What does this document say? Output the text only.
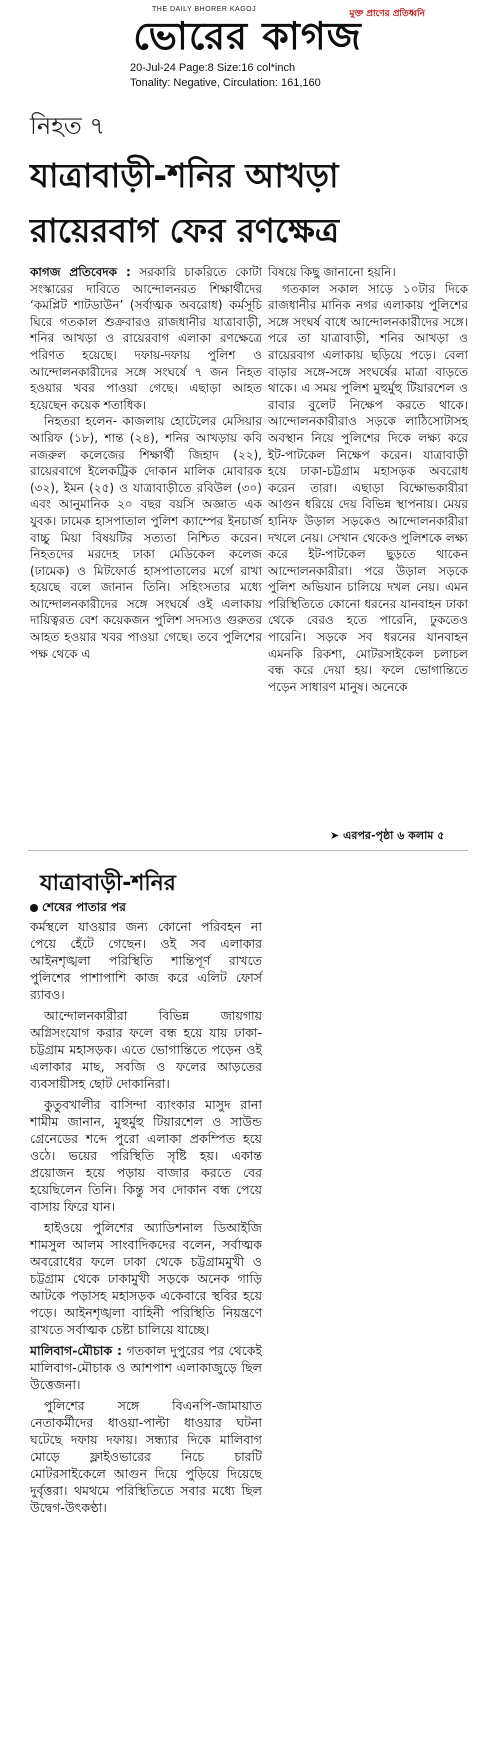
THE DAILY BHORER KAGOJ	মুক্ত প্রাণের প্রতিধ্বনি
ভোরের কাগজ
20-Jul-24 Page:8 Size:16 col*inch
Tonality: Negative, Circulation: 161,160
নিহত ৭
যাত্রাবাড়ী-শনির আখড়া
রায়েরবাগ ফের রণক্ষেত্র

কাগজ প্রতিবেদক : সরকারি চাকরিতে কোটা সংস্কারের দাবিতে আন্দোলনরত শিক্ষার্থীদের ‘কমপ্লিট শাটডাউন’ (সর্বাত্মক অবরোধ) কর্মসূচি ঘিরে গতকাল শুক্রবারও রাজধানীর যাত্রাবাড়ী, শনির আখড়া ও রায়েরবাগ এলাকা রণক্ষেত্রে পরিণত হয়েছে। দফায়-দফায় পুলিশ ও আন্দোলনকারীদের সঙ্গে সংঘর্ষে ৭ জন নিহত হওয়ার খবর পাওয়া গেছে। এছাড়া আহত হয়েছেন কয়েক শতাধিক।

নিহতরা হলেন- কাজলায় হোটেলের মেসিয়ার আরিফ (১৮), শান্ত (২৪), শনির আখড়ায় কবি নজরুল কলেজের শিক্ষার্থী জিহাদ (২২), রায়েরবাগে ইলেকট্রিক দোকান মালিক মোবারক (৩২), ইমন (২৫) ও যাত্রাবাড়ীতে রবিউল (৩০) এবং আনুমানিক ২০ বছর বয়সি অজ্ঞাত এক যুবক। ঢামেক হাসপাতাল পুলিশ ক্যাম্পের ইনচার্জ বাচ্চু মিয়া বিষয়টির সত্যতা নিশ্চিত করেন। নিহতদের মরদেহ ঢাকা মেডিকেল কলেজ (ঢামেক) ও মিটফোর্ড হাসপাতালের মর্গে রাখা হয়েছে বলে জানান তিনি। সহিংসতার মধ্যে আন্দোলনকারীদের সঙ্গে সংঘর্ষে ওই এলাকায় দায়িত্বরত বেশ কয়েকজন পুলিশ সদস্যও গুরুতর আহত হওয়ার খবর পাওয়া গেছে। তবে পুলিশের পক্ষ থেকে এ

বিষয়ে কিছু জানানো হয়নি।

গতকাল সকাল সাড়ে ১০টার দিকে রাজধানীর মানিক নগর এলাকায় পুলিশের সঙ্গে সংঘর্ষ বাধে আন্দোলনকারীদের সঙ্গে। পরে তা যাত্রাবাড়ী, শনির আখড়া ও রায়েরবাগ এলাকায় ছড়িয়ে পড়ে। বেলা বাড়ার সঙ্গে-সঙ্গে সংঘর্ষের মাত্রা বাড়তে থাকে। এ সময় পুলিশ মুহুর্মুহু টিয়ারশেল ও রাবার বুলেট নিক্ষেপ করতে থাকে। আন্দোলনকারীরাও সড়কে লাঠিসোটাসহ অবস্থান নিয়ে পুলিশের দিকে লক্ষ্য করে ইট-পাটকেল নিক্ষেপ করেন। যাত্রাবাড়ী হয়ে ঢাকা-চট্টগ্রাম মহাসড়ক অবরোধ করেন তারা। এছাড়া বিক্ষোভকারীরা আগুন ধরিয়ে দেয় বিভিন্ন স্থাপনায়। মেয়র হানিফ উড়াল সড়কেও আন্দোলনকারীরা দখলে নেয়। সেখান থেকেও পুলিশকে লক্ষ্য করে ইট-পাটকেল ছুড়তে থাকেন আন্দোলনকারীরা। পরে উড়াল সড়কে পুলিশ অভিযান চালিয়ে দখল নেয়। এমন পরিস্থিতিতে কোনো ধরনের যানবাহন ঢাকা থেকে বেরও হতে পারেনি, ঢুকতেও পারেনি। সড়কে সব ধরনের যানবাহন এমনকি রিকশা, মোটরসাইকেল চলাচল বন্ধ করে দেয়া হয়। ফলে ভোগান্তিতে পড়েন সাধারণ মানুষ। অনেকে

➤ এরপর-পৃষ্ঠা ৬ কলাম ৫
যাত্রাবাড়ী-শনির
শেষের পাতার পর

কর্মস্থলে যাওয়ার জন্য কোনো পরিবহন না পেয়ে হেঁটে গেছেন। ওই সব এলাকার আইনশৃঙ্খলা পরিস্থিতি শান্তিপূর্ণ রাখতে পুলিশের পাশাপাশি কাজ করে এলিট ফোর্স র‌্যাবও।

আন্দোলনকারীরা বিভিন্ন জায়গায় অগ্নিসংযোগ করার ফলে বন্ধ হয়ে যায় ঢাকা-চট্টগ্রাম মহাসড়ক। এতে ভোগান্তিতে পড়েন ওই এলাকার মাছ, সবজি ও ফলের আড়তের ব্যবসায়ীসহ ছোট দোকানিরা।

কুতুবখালীর বাসিন্দা ব্যাংকার মাসুদ রানা শামীম জানান, মুহুর্মুহু টিয়ারশেল ও সাউন্ড গ্রেনেডের শব্দে পুরো এলাকা প্রকম্পিত হয়ে ওঠে। ভয়ের পরিস্থিতি সৃষ্টি হয়। একান্ত প্রয়োজন হয়ে পড়ায় বাজার করতে বের হয়েছিলেন তিনি। কিন্তু সব দোকান বন্ধ পেয়ে বাসায় ফিরে যান।

হাইওয়ে পুলিশের অ্যাডিশনাল ডিআইজি শামসুল আলম সাংবাদিকদের বলেন, সর্বাত্মক অবরোধের ফলে ঢাকা থেকে চট্টগ্রামমুখী ও চট্টগ্রাম থেকে ঢাকামুখী সড়কে অনেক গাড়ি আটকে পড়াসহ মহাসড়ক একেবারে স্থবির হয়ে পড়ে। আইনশৃঙ্খলা বাহিনী পরিস্থিতি নিয়ন্ত্রণে রাখতে সর্বাত্মক চেষ্টা চালিয়ে যাচ্ছে।

মালিবাগ-মৌচাক : গতকাল দুপুরের পর থেকেই মালিবাগ-মৌচাক ও আশপাশ এলাকাজুড়ে ছিল উত্তেজনা।

পুলিশের সঙ্গে বিএনপি-জামায়াত নেতাকর্মীদের ধাওয়া-পাল্টা ধাওয়ার ঘটনা ঘটেছে দফায় দফায়। সন্ধ্যার দিকে মালিবাগ মোড়ে ফ্লাইওভারের নিচে চারটি মোটরসাইকেলে আগুন দিয়ে পুড়িয়ে দিয়েছে দুর্বৃত্তরা। থমথমে পরিস্থিতিতে সবার মধ্যে ছিল উদ্বেগ-উৎকণ্ঠা।
